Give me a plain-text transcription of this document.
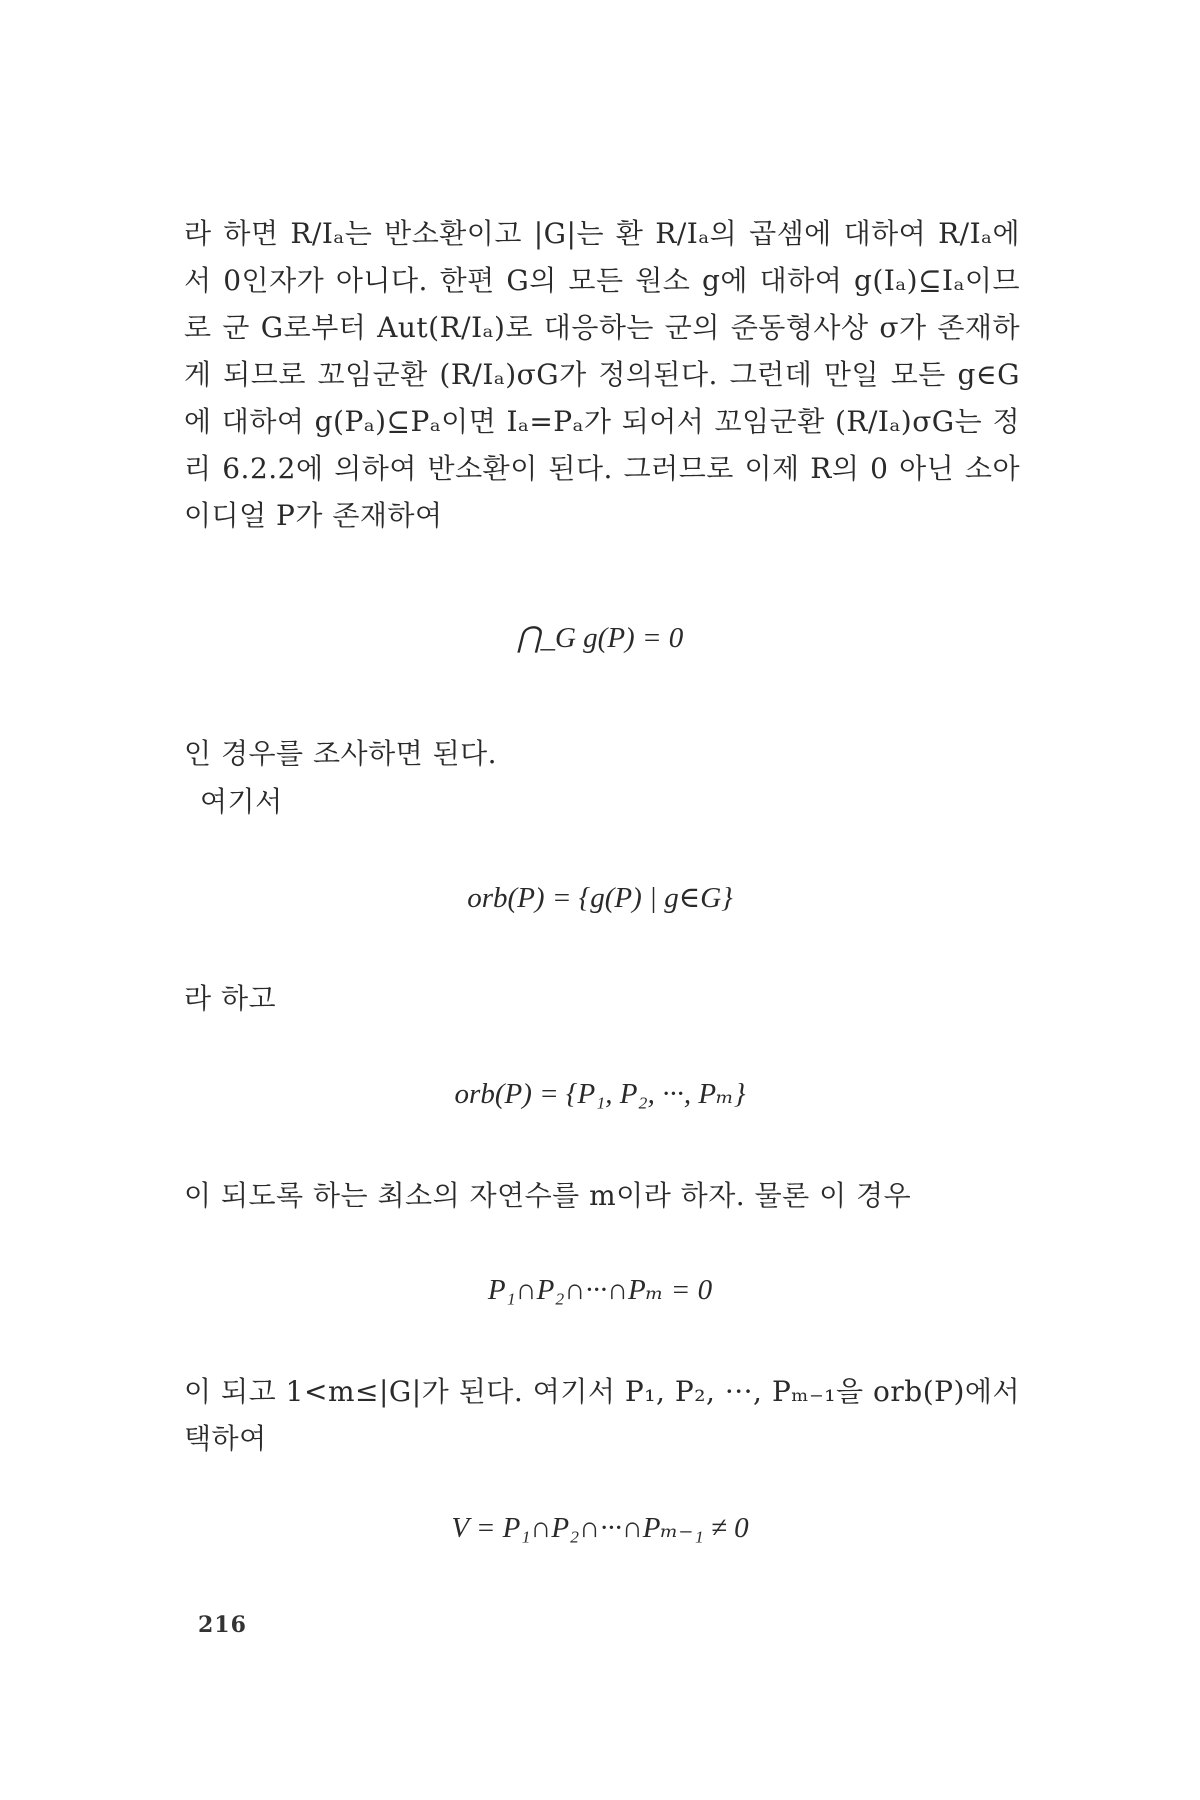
라 하면 R/Iₐ는 반소환이고 |G|는 환 R/Iₐ의 곱셈에 대하여 R/Iₐ에서 0인자가 아니다. 한편 G의 모든 원소 g에 대하여 g(Iₐ)⊆Iₐ이므로 군 G로부터 Aut(R/Iₐ)로 대응하는 군의 준동형사상 σ가 존재하게 되므로 꼬임군환 (R/Iₐ)σG가 정의된다. 그런데 만일 모든 g∈G에 대하여 g(Pₐ)⊆Pₐ이면 Iₐ=Pₐ가 되어서 꼬임군환 (R/Iₐ)σG는 정리 6.2.2에 의하여 반소환이 된다. 그러므로 이제 R의 0 아닌 소아이디얼 P가 존재하여

⋂_G g(P) = 0

인 경우를 조사하면 된다.

여기서

orb(P) = {g(P) | g∈G}

라 하고

orb(P) = {P₁, P₂, ···, Pₘ}

이 되도록 하는 최소의 자연수를 m이라 하자. 물론 이 경우

P₁∩P₂∩···∩Pₘ = 0

이 되고 1<m≤|G|가 된다. 여기서 P₁, P₂, ···, Pₘ₋₁을 orb(P)에서 택하여

V = P₁∩P₂∩···∩Pₘ₋₁ ≠ 0

216
